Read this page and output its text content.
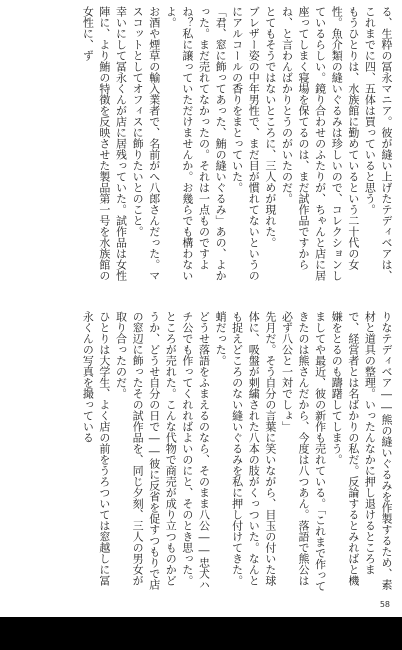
る、生粋の冨永マニア。彼が縫い上げたテディベアは、これまでに四、五体は買っていると思う。
もうひとりは、水族館に勤めているという二十代の女性。魚介類の縫いぐるみは珍しいので、コレクションしているらしい。鏡り合わせのふたりが、ちゃんと店に居座ってしまく寝場を保てるのは、まだ試作品ですからね、と言わんばかりとうのがいたのだ。
とてもそうではないところに、三人めが現れた。
ブレザー姿の中年男性で、まだ目が慣れてないというのにアルコールの香りをまとっていた。
「君、窓に飾ってあった、鮪の縫いぐるみ」あの、よかった。まだ売れてなかったの。それは一点ものですよね？私に譲っていただけませんか。お幾らでも構わないよ。
お酒や煙草の輸入業者で、名前がへ八郎さんだった。マスコットとしてオフィスに飾りたいとのこと。
幸いにして冨永くんが店に居残っていた。試作品は女性陣に、より鮪の特徴を反映させた製品第一号を水族館の女性に、ず
りなテディベア――熊の縫いぐるみを作製するため、素材と道具の整理。いったんなかに押し退けるところまで、経営者とは名ばかりの私だ。反論するとみればと機嫌をとるのも躊躇してしまう。
ましてや最近、彼の新作も売れている。「これまで作ってきたのは熊さんだから、今度は八つあん。落語で熊公は必ず八公と一対でしょ」
先月だ。そう自分の言葉に笑いながら、目玉の付いた球体に、吸盤が刺繍された八本の肢がくっついた。なんとも捉えどころのない縫いぐるみを私に押し付けてきた。
蛸だった。
どうせ落語をふまえるのなら、そのまま八公――忠犬ハチ公でも作ってくれればよいのにと、そのとき思った。
ところが売れた。こんな代物で商売が成り立つものかどうか、どうせ自分の日で――彼に反省を促すつもりで店の窓辺に飾ったその試作品を、同じ夕刻、三人の男女が取り合ったのだ。
ひとりは大学生、よく店の前をうろついては窓越しに冨永くんの写真を撮っている
58
